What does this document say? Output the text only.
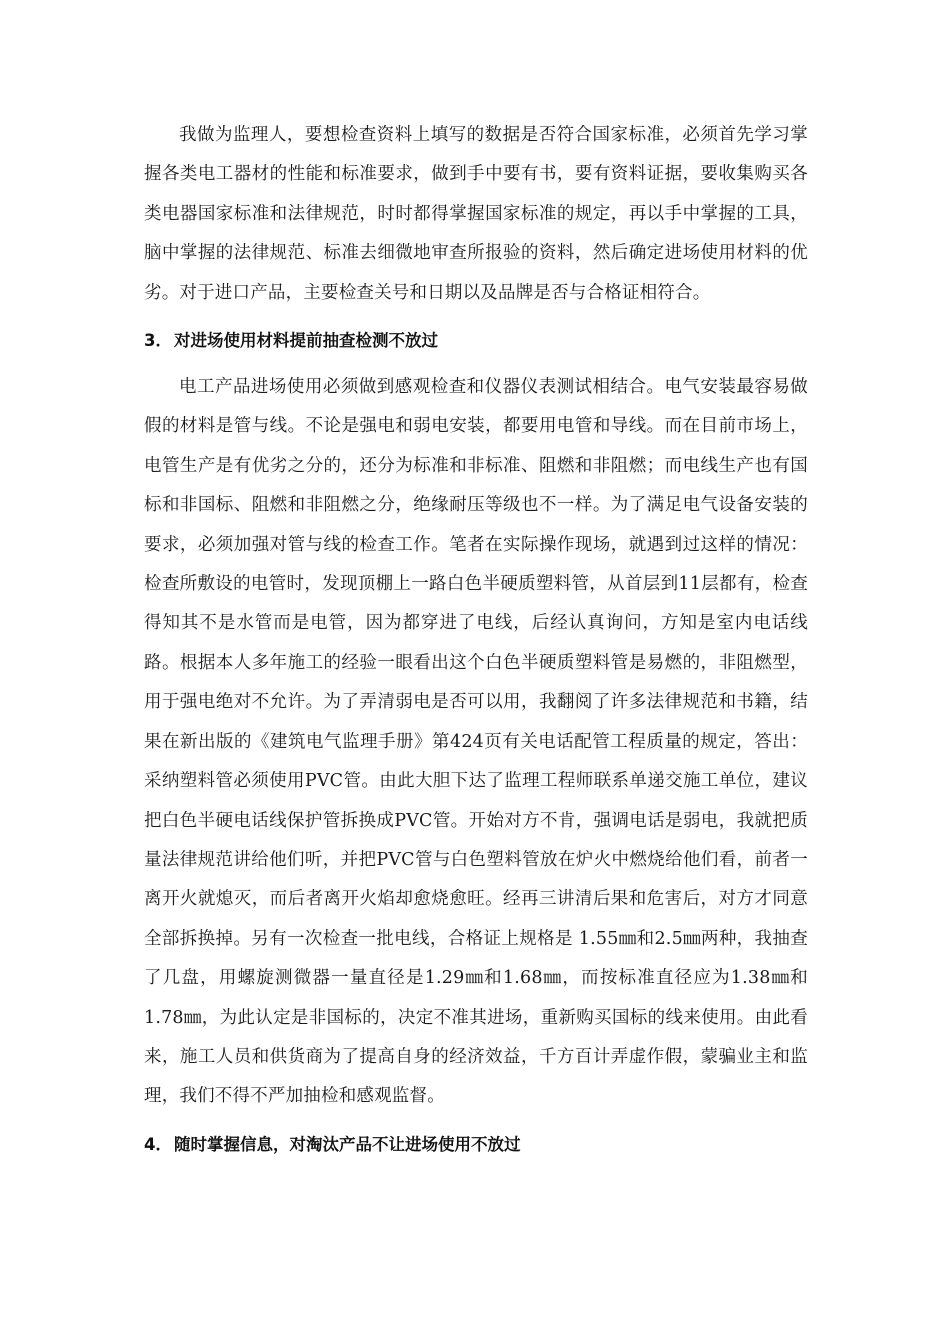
我做为监理人，要想检查资料上填写的数据是否符合国家标准，必须首先学习掌握各类电工器材的性能和标准要求，做到手中要有书，要有资料证据，要收集购买各类电器国家标准和法律规范，时时都得掌握国家标准的规定，再以手中掌握的工具，脑中掌握的法律规范、标准去细微地审查所报验的资料，然后确定进场使用材料的优劣。对于进口产品，主要检查关号和日期以及品牌是否与合格证相符合。

3． 对进场使用材料提前抽查检测不放过

电工产品进场使用必须做到感观检查和仪器仪表测试相结合。电气安装最容易做假的材料是管与线。不论是强电和弱电安装，都要用电管和导线。而在目前市场上，电管生产是有优劣之分的，还分为标准和非标准、阻燃和非阻燃；而电线生产也有国标和非国标、阻燃和非阻燃之分，绝缘耐压等级也不一样。为了满足电气设备安装的要求，必须加强对管与线的检查工作。笔者在实际操作现场，就遇到过这样的情况：检查所敷设的电管时，发现顶棚上一路白色半硬质塑料管，从首层到11层都有，检查得知其不是水管而是电管，因为都穿进了电线，后经认真询问，方知是室内电话线路。根据本人多年施工的经验一眼看出这个白色半硬质塑料管是易燃的，非阻燃型，用于强电绝对不允许。为了弄清弱电是否可以用，我翻阅了许多法律规范和书籍，结果在新出版的《建筑电气监理手册》第424页有关电话配管工程质量的规定，答出：采纳塑料管必须使用PVC管。由此大胆下达了监理工程师联系单递交施工单位，建议把白色半硬电话线保护管拆换成PVC管。开始对方不肯，强调电话是弱电，我就把质量法律规范讲给他们听，并把PVC管与白色塑料管放在炉火中燃烧给他们看，前者一离开火就熄灭，而后者离开火焰却愈烧愈旺。经再三讲清后果和危害后，对方才同意全部拆换掉。另有一次检查一批电线，合格证上规格是 1.55㎜和2.5㎜两种，我抽查了几盘，用螺旋测微器一量直径是1.29㎜和1.68㎜，而按标准直径应为1.38㎜和1.78㎜，为此认定是非国标的，决定不准其进场，重新购买国标的线来使用。由此看来，施工人员和供货商为了提高自身的经济效益，千方百计弄虚作假，蒙骗业主和监理，我们不得不严加抽检和感观监督。

4． 随时掌握信息，对淘汰产品不让进场使用不放过
